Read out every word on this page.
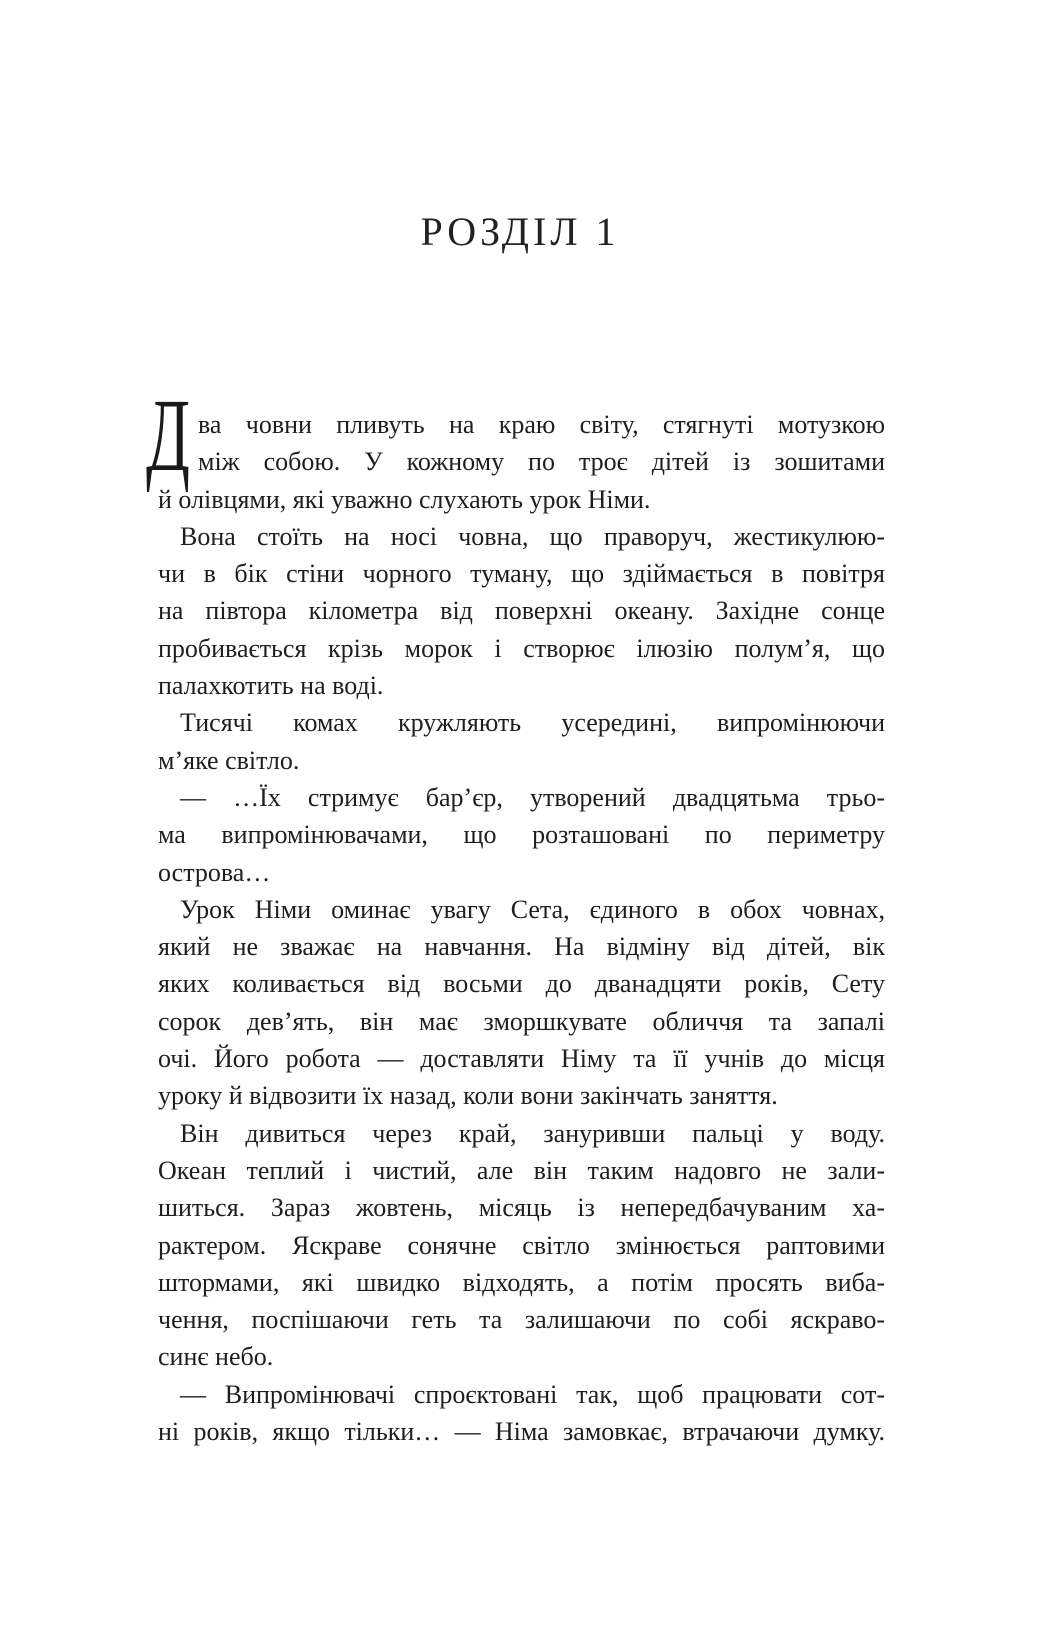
РОЗДІЛ 1
Д ва човни пливуть на краю світу, стягнуті мотузкою
між собою. У кожному по троє дітей із зошитами
й олівцями, які уважно слухають урок Німи.
Вона стоїть на носі човна, що праворуч, жестикулюю-
чи в бік стіни чорного туману, що здіймається в повітря
на півтора кілометра від поверхні океану. Західне сонце
пробивається крізь морок і створює ілюзію полум’я, що
палахкотить на воді.
Тисячі комах кружляють усередині, випромінюючи
м’яке світло.
— …Їх стримує бар’єр, утворений двадцятьма трьо-
ма випромінювачами, що розташовані по периметру
острова…
Урок Німи оминає увагу Сета, єдиного в обох човнах,
який не зважає на навчання. На відміну від дітей, вік
яких коливається від восьми до дванадцяти років, Сету
сорок дев’ять, він має зморшкувате обличчя та запалі
очі. Його робота — доставляти Німу та її учнів до місця
уроку й відвозити їх назад, коли вони закінчать заняття.
Він дивиться через край, зануривши пальці у воду.
Океан теплий і чистий, але він таким надовго не зали-
шиться. Зараз жовтень, місяць із непередбачуваним ха-
рактером. Яскраве сонячне світло змінюється раптовими
штормами, які швидко відходять, а потім просять виба-
чення, поспішаючи геть та залишаючи по собі яскраво-
синє небо.
— Випромінювачі спроєктовані так, щоб працювати сот-
ні років, якщо тільки… — Німа замовкає, втрачаючи думку.
